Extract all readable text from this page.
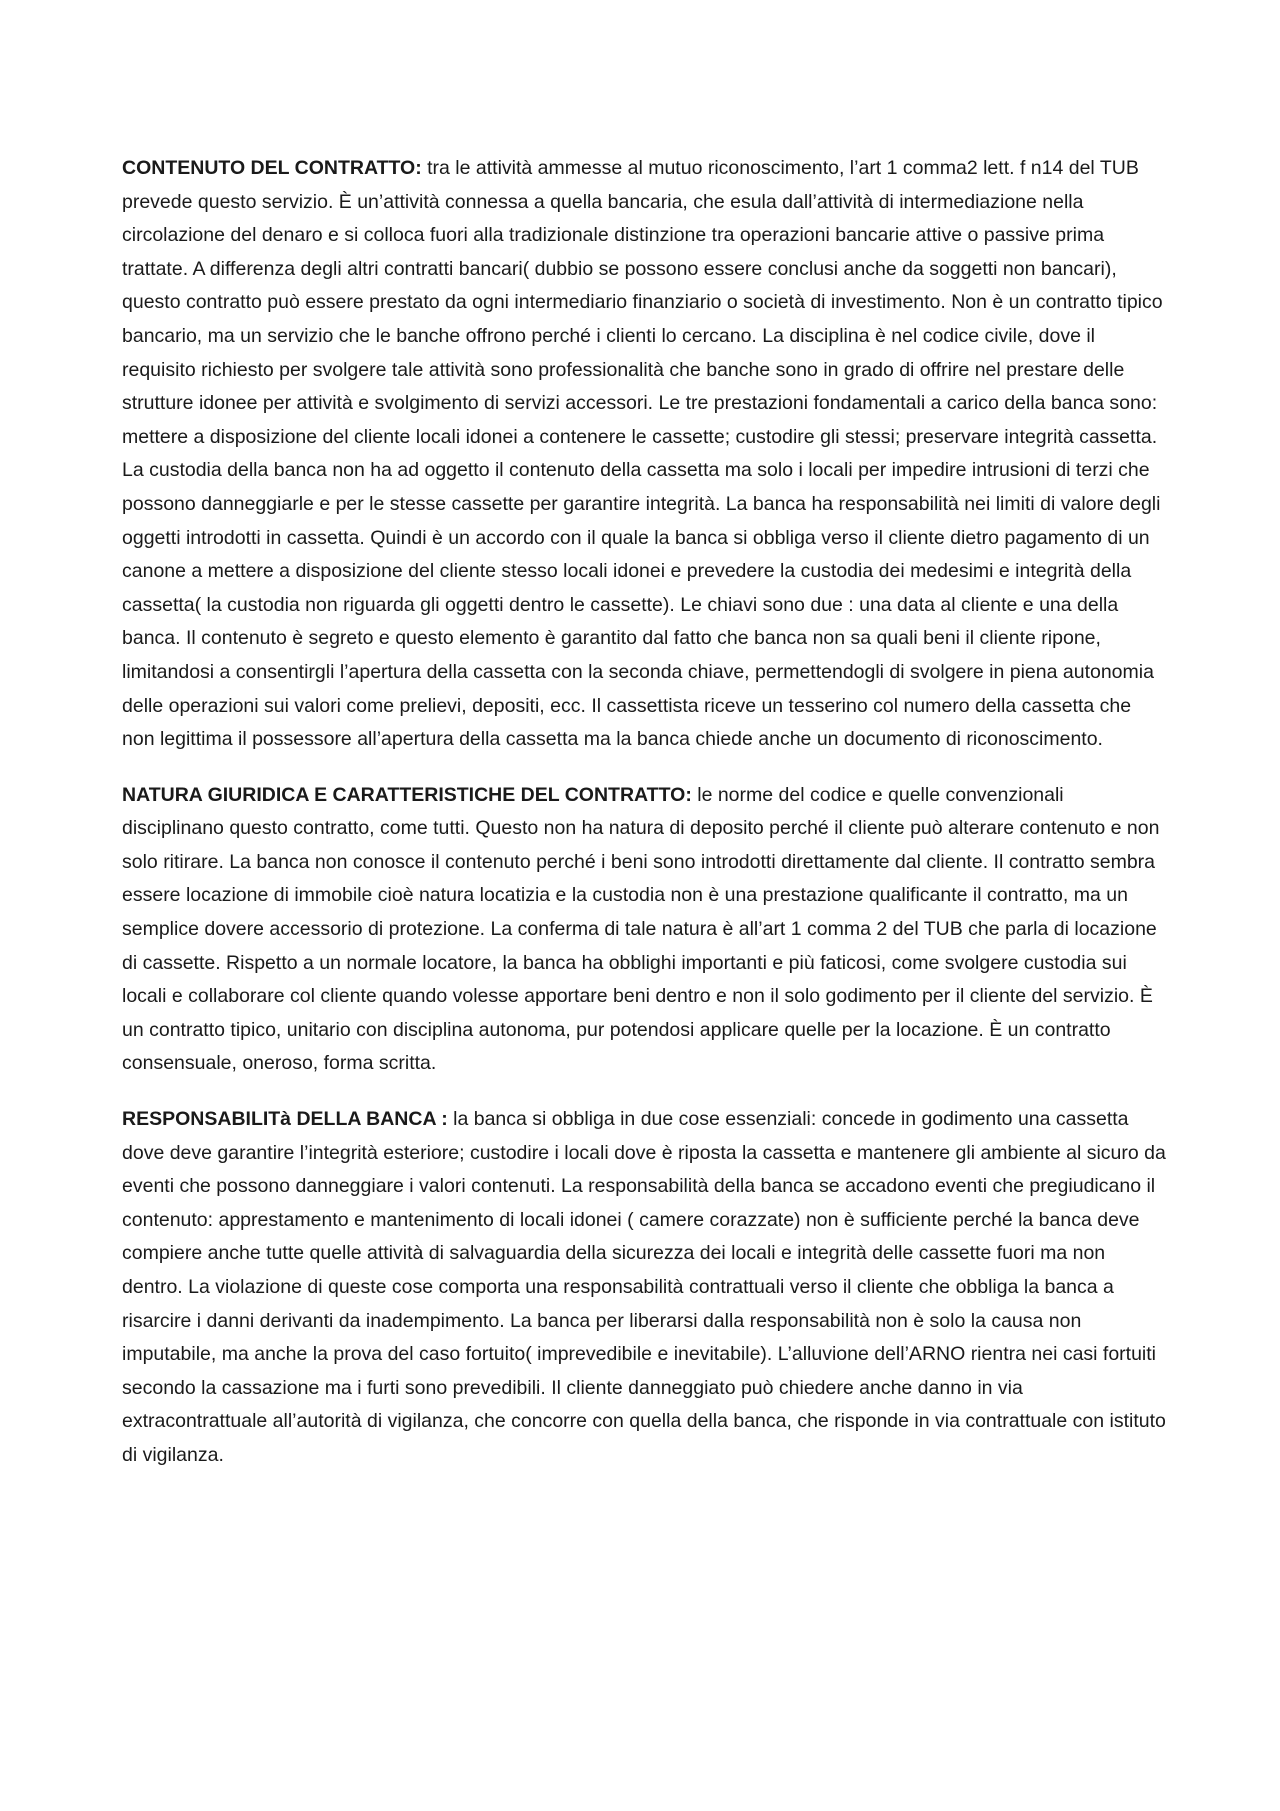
CONTENUTO DEL CONTRATTO: tra le attività ammesse al mutuo riconoscimento, l’art 1 comma2 lett. f n14 del TUB prevede questo servizio. È un’attività connessa a quella bancaria, che esula dall’attività di intermediazione nella circolazione del denaro e si colloca fuori alla tradizionale distinzione tra operazioni bancarie attive o passive prima trattate. A differenza degli altri contratti bancari( dubbio se possono essere conclusi anche da soggetti non bancari), questo contratto può essere prestato da ogni intermediario finanziario o società di investimento. Non è un contratto tipico bancario, ma un servizio che le banche offrono perché i clienti lo cercano. La disciplina è nel codice civile, dove il requisito richiesto per svolgere tale attività sono professionalità che banche sono in grado di offrire nel prestare delle strutture idonee per attività e svolgimento di servizi accessori. Le tre prestazioni fondamentali a carico della banca sono: mettere a disposizione del cliente locali idonei a contenere le cassette; custodire gli stessi; preservare integrità cassetta. La custodia della banca non ha ad oggetto il contenuto della cassetta ma solo i locali per impedire intrusioni di terzi che possono danneggiarle e per le stesse cassette per garantire integrità. La banca ha responsabilità nei limiti di valore degli oggetti introdotti in cassetta. Quindi è un accordo con il quale la banca si obbliga verso il cliente dietro pagamento di un canone a mettere a disposizione del cliente stesso locali idonei e prevedere la custodia dei medesimi e integrità della cassetta( la custodia non riguarda gli oggetti dentro le cassette). Le chiavi sono due : una data al cliente e una della banca. Il contenuto è segreto e questo elemento è garantito dal fatto che banca non sa quali beni il cliente ripone, limitandosi a consentirgli l’apertura della cassetta con la seconda chiave, permettendogli di svolgere in piena autonomia delle operazioni sui valori come prelievi, depositi, ecc. Il cassettista riceve un tesserino col numero della cassetta che non legittima il possessore all’apertura della cassetta ma la banca chiede anche un documento di riconoscimento.

NATURA GIURIDICA E CARATTERISTICHE DEL CONTRATTO: le norme del codice e quelle convenzionali disciplinano questo contratto, come tutti. Questo non ha natura di deposito perché il cliente può alterare contenuto e non solo ritirare. La banca non conosce il contenuto perché i beni sono introdotti direttamente dal cliente. Il contratto sembra essere locazione di immobile cioè natura locatizia e la custodia non è una prestazione qualificante il contratto, ma un semplice dovere accessorio di protezione. La conferma di tale natura è all’art 1 comma 2 del TUB che parla di locazione di cassette. Rispetto a un normale locatore, la banca ha obblighi importanti e più faticosi, come svolgere custodia sui locali e collaborare col cliente quando volesse apportare beni dentro e non il solo godimento per il cliente del servizio. È un contratto tipico, unitario con disciplina autonoma, pur potendosi applicare quelle per la locazione. È un contratto consensuale, oneroso, forma scritta.

RESPONSABILITà DELLA BANCA : la banca si obbliga in due cose essenziali: concede in godimento una cassetta dove deve garantire l’integrità esteriore; custodire i locali dove è riposta la cassetta e mantenere gli ambiente al sicuro da eventi che possono danneggiare i valori contenuti. La responsabilità della banca se accadono eventi che pregiudicano il contenuto: apprestamento e mantenimento di locali idonei ( camere corazzate) non è sufficiente perché la banca deve compiere anche tutte quelle attività di salvaguardia della sicurezza dei locali e integrità delle cassette fuori ma non dentro. La violazione di queste cose comporta una responsabilità contrattuali verso il cliente che obbliga la banca a risarcire i danni derivanti da inadempimento. La banca per liberarsi dalla responsabilità non è solo la causa non imputabile, ma anche la prova del caso fortuito( imprevedibile e inevitabile). L’alluvione dell’ARNO rientra nei casi fortuiti secondo la cassazione ma i furti sono prevedibili. Il cliente danneggiato può chiedere anche danno in via extracontrattuale all’autorità di vigilanza, che concorre con quella della banca, che risponde in via contrattuale con istituto di vigilanza.
